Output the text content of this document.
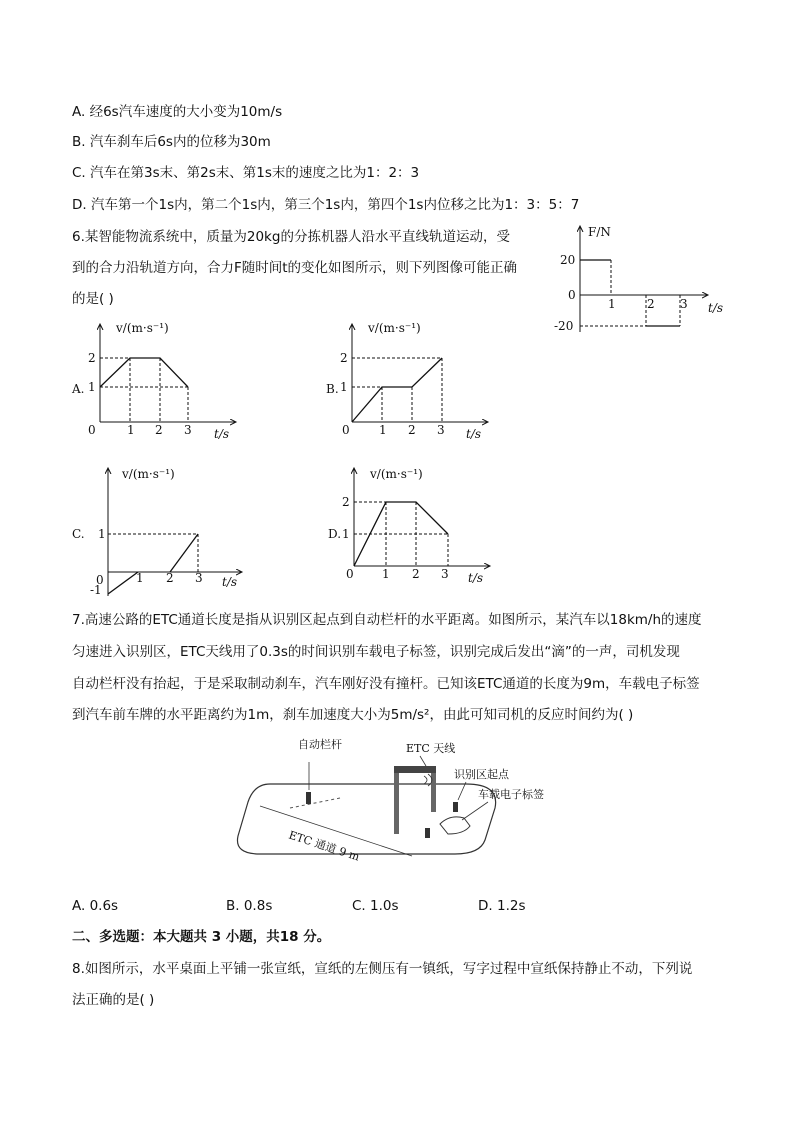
A. 经6s汽车速度的大小变为10m/s
B. 汽车刹车后6s内的位移为30m
C. 汽车在第3s末、第2s末、第1s末的速度之比为1：2：3
D. 汽车第一个1s内，第二个1s内，第三个1s内，第四个1s内位移之比为1：3：5：7
6.某智能物流系统中，质量为20kg的分拣机器人沿水平直线轨道运动，受
到的合力沿轨道方向，合力F随时间t的变化如图所示，则下列图像可能正确
的是( )
F/N
t/s
0
20
-20
1	2 3
v/(m·s⁻¹)
t/s
A.
2
1
0	1 2 3
v/(m·s⁻¹)
t/s
B.
2
1
0 1 2 3
v/(m·s⁻¹)
t/s
C. 1
-1
0	1 2 3
v/(m·s⁻¹)
t/s
D.
2
1
0 1 2 3
7.高速公路的ETC通道长度是指从识别区起点到自动栏杆的水平距离。如图所示，某汽车以18km/h的速度
匀速进入识别区，ETC天线用了0.3s的时间识别车载电子标签，识别完成后发出“滴”的一声，司机发现
自动栏杆没有抬起，于是采取制动刹车，汽车刚好没有撞杆。已知该ETC通道的长度为9m，车载电子标签
到汽车前车牌的水平距离约为1m，刹车加速度大小为5m/s²，由此可知司机的反应时间约为( )
自动栏杆	ETC 天线
识别区起点
车载电子标签
ETC 通道 9 m
A. 0.6s	B. 0.8s	C. 1.0s	D. 1.2s
二、多选题：本大题共 3 小题，共18 分。
8.如图所示，水平桌面上平铺一张宣纸，宣纸的左侧压有一镇纸，写字过程中宣纸保持静止不动，下列说
法正确的是( )
